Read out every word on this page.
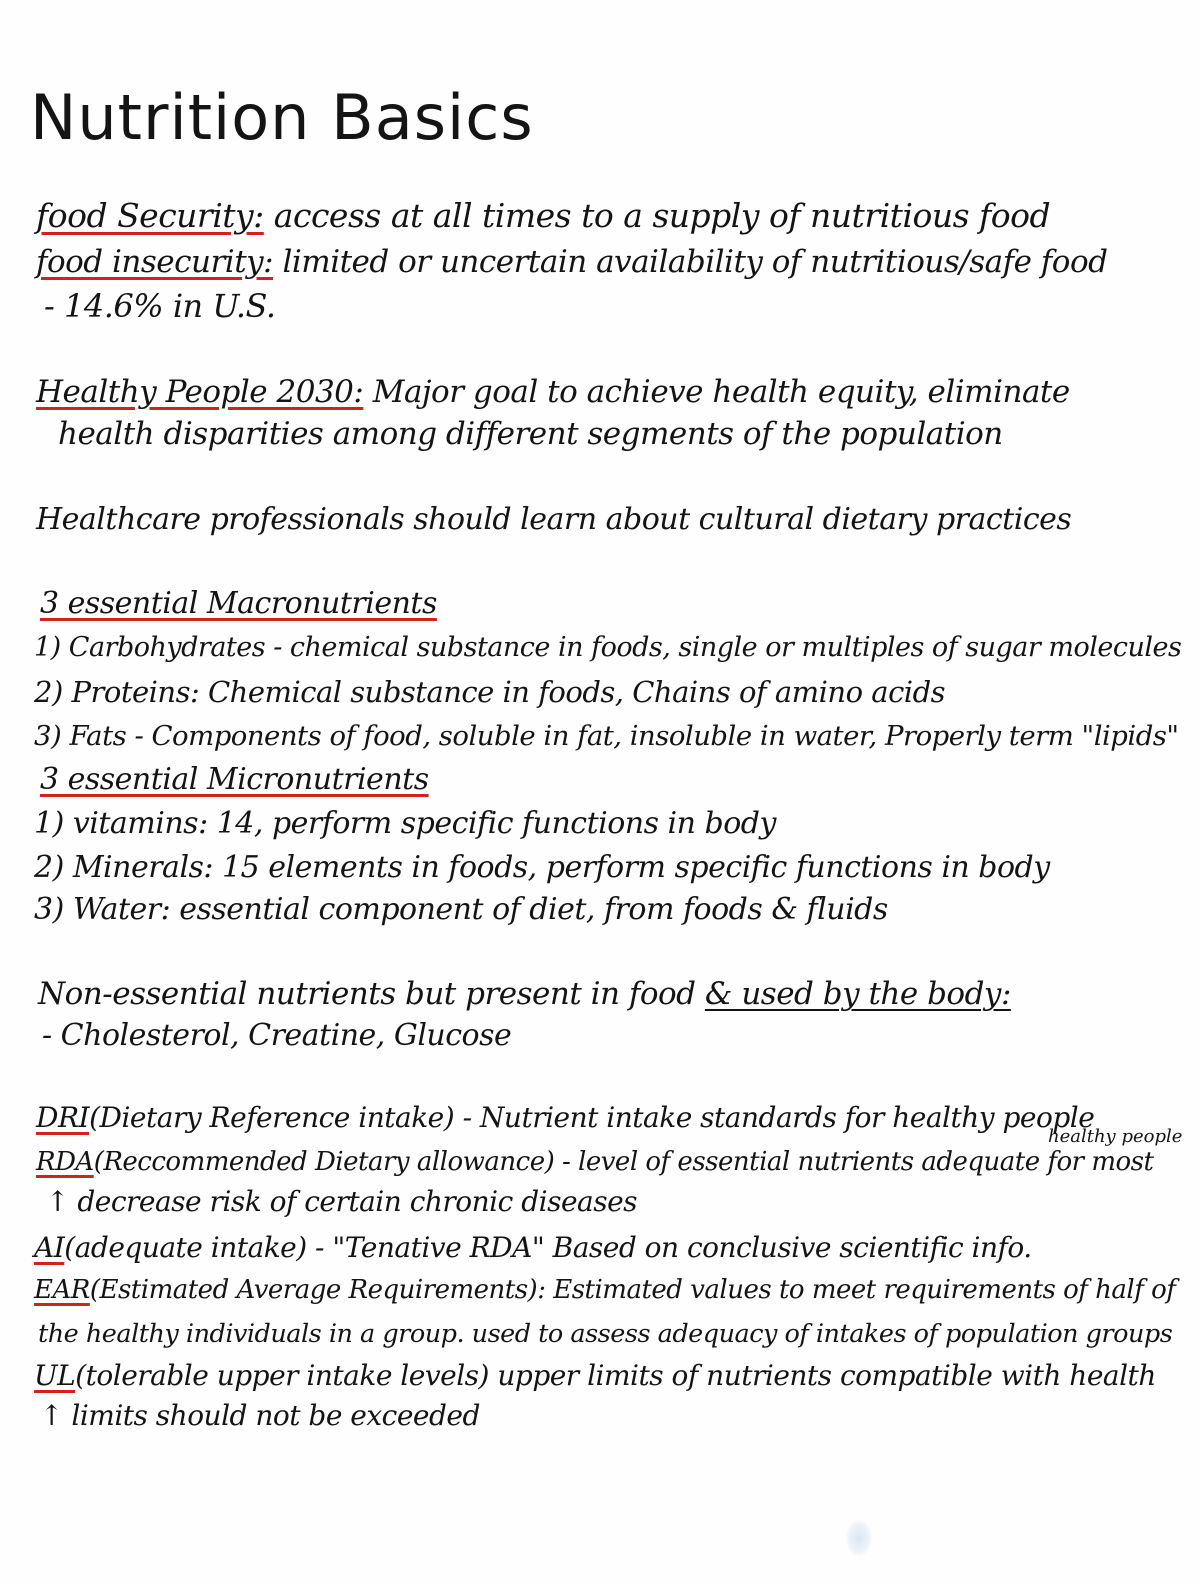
Nutrition Basics
food Security: access at all times to a supply of nutritious food
food insecurity: limited or uncertain availability of nutritious/safe food
- 14.6% in U.S.
Healthy People 2030: Major goal to achieve health equity, eliminate
health disparities among different segments of the population
Healthcare professionals should learn about cultural dietary practices
3 essential Macronutrients
1) Carbohydrates - chemical substance in foods, single or multiples of sugar molecules
2) Proteins: Chemical substance in foods, Chains of amino acids
3) Fats - Components of food, soluble in fat, insoluble in water, Properly term "lipids"
3 essential Micronutrients
1) vitamins: 14, perform specific functions in body
2) Minerals: 15 elements in foods, perform specific functions in body
3) Water: essential component of diet, from foods & fluids
Non-essential nutrients but present in food & used by the body:
- Cholesterol, Creatine, Glucose
DRI(Dietary Reference intake) - Nutrient intake standards for healthy people
RDA(Reccommended Dietary allowance) - level of essential nutrients adequate for most
healthy people
↑ decrease risk of certain chronic diseases
AI(adequate intake) - "Tenative RDA" Based on conclusive scientific info.
EAR(Estimated Average Requirements): Estimated values to meet requirements of half of
the healthy individuals in a group. used to assess adequacy of intakes of population groups
UL(tolerable upper intake levels) upper limits of nutrients compatible with health
↑ limits should not be exceeded
